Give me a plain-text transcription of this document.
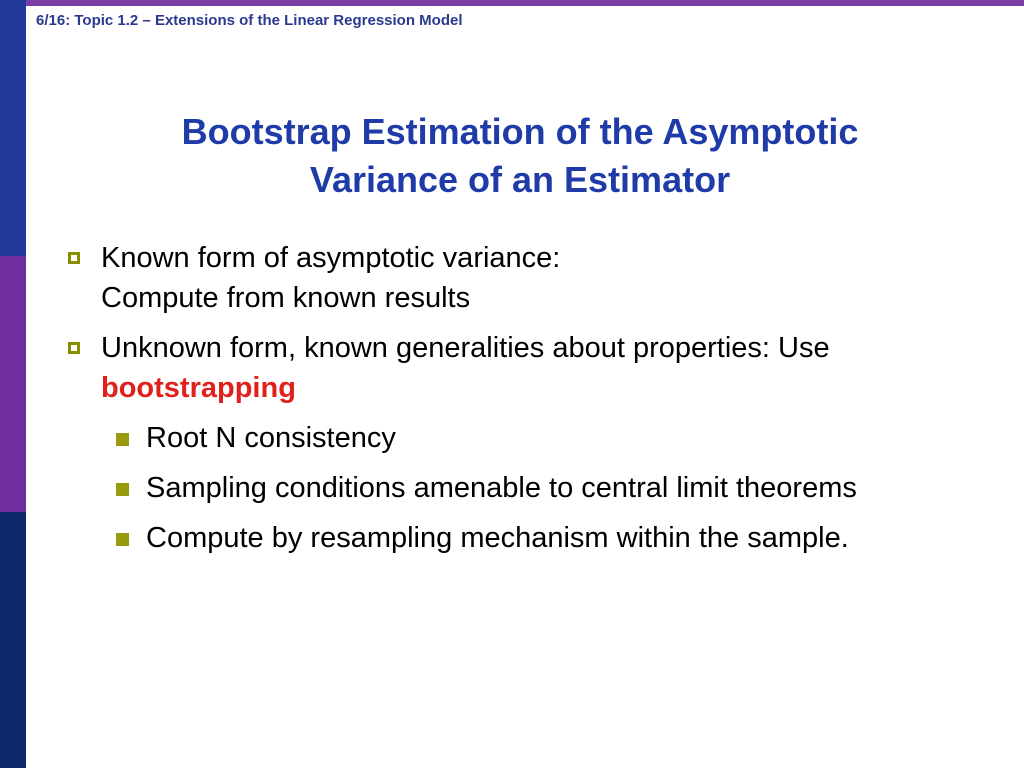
6/16: Topic 1.2 – Extensions of the Linear Regression Model
Bootstrap Estimation of the Asymptotic
Variance of an Estimator
Known form of asymptotic variance:
Compute from known results
Unknown form, known generalities about properties: Use
bootstrapping
Root N consistency
Sampling conditions amenable to central limit theorems
Compute by resampling mechanism within the sample.
